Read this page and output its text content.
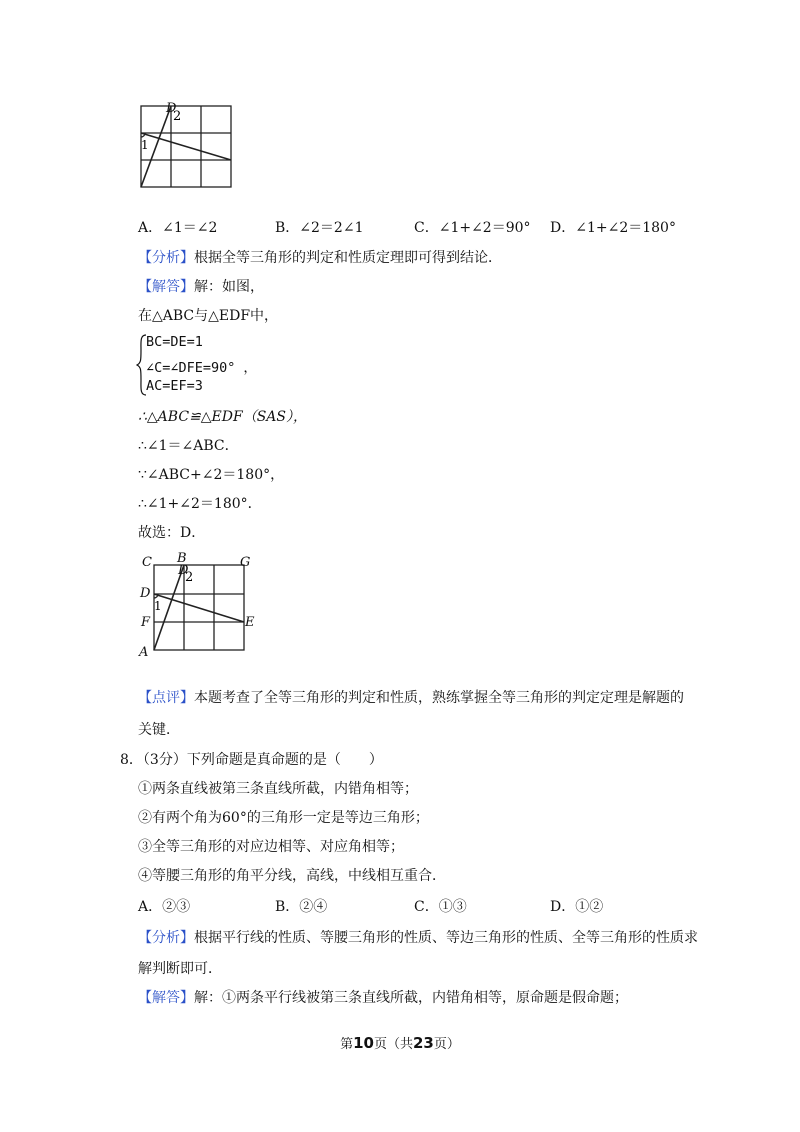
D
2
1
A．∠1＝∠2	B．∠2＝2∠1	C．∠1+∠2＝90° D．∠1+∠2＝180°
【分析】根据全等三角形的判定和性质定理即可得到结论．
【解答】解：如图，
在△ABC与△EDF中，
BC=DE=1
∠C=∠DFE=90° ，
AC=EF=3
∴△ABC≌△EDF（SAS），
∴∠1＝∠ABC．
∵∠ABC+∠2＝180°，
∴∠1+∠2＝180°．
故选：D．
C B	G
D
2
D
1
F	E
A
【点评】本题考查了全等三角形的判定和性质，熟练掌握全等三角形的判定定理是解题的
关键．
8．（3分）下列命题是真命题的是（　　）
①两条直线被第三条直线所截，内错角相等；
②有两个角为60°的三角形一定是等边三角形；
③全等三角形的对应边相等、对应角相等；
④等腰三角形的角平分线，高线，中线相互重合．
A．②③	B．②④	C．①③	D．①②
【分析】根据平行线的性质、等腰三角形的性质、等边三角形的性质、全等三角形的性质求
解判断即可．
【解答】解：①两条平行线被第三条直线所截，内错角相等，原命题是假命题；
第10页（共23页）
